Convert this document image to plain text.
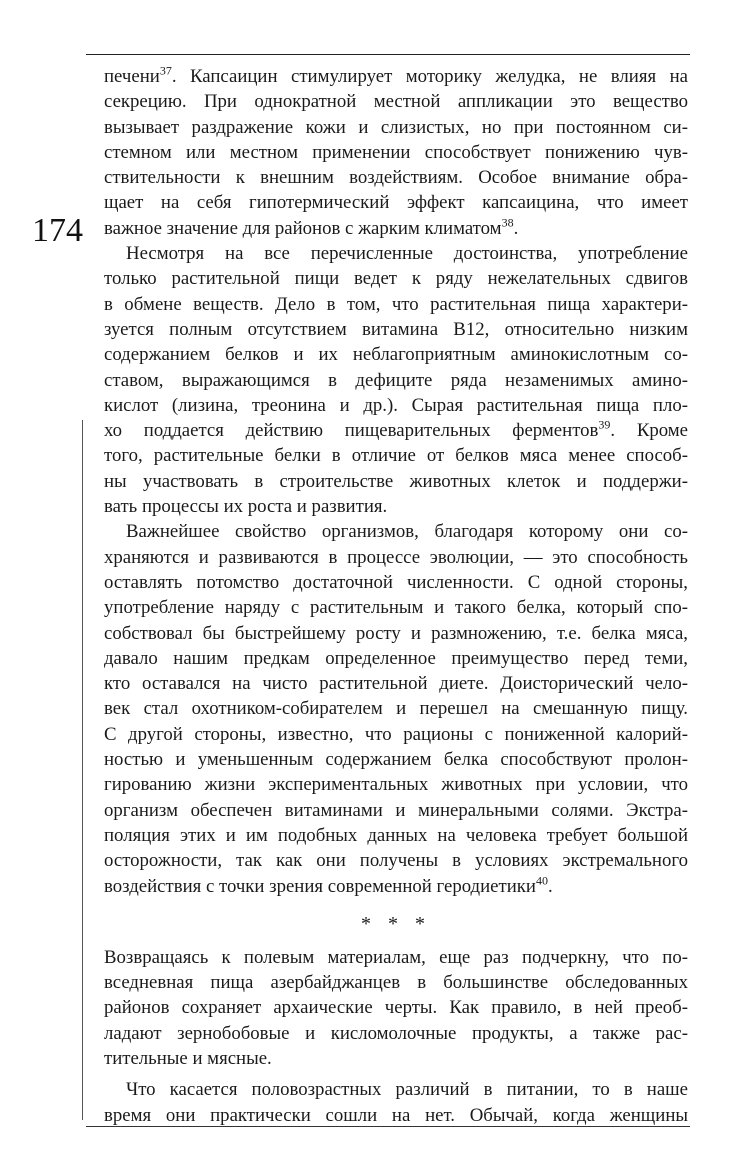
174
печени$^{37}$. Капсаицин стимулирует моторику желудка, не влияя на
секрецию. При однократной местной аппликации это вещество
вызывает раздражение кожи и слизистых, но при постоянном си-
стемном или местном применении способствует понижению чув-
ствительности к внешним воздействиям. Особое внимание обра-
щает на себя гипотермический эффект капсаицина, что имеет
важное значение для районов с жарким климатом$^{38}$.
Несмотря на все перечисленные достоинства, употребление
только растительной пищи ведет к ряду нежелательных сдвигов
в обмене веществ. Дело в том, что растительная пища характери-
зуется полным отсутствием витамина B12, относительно низким
содержанием белков и их неблагоприятным аминокислотным со-
ставом, выражающимся в дефиците ряда незаменимых амино-
кислот (лизина, треонина и др.). Сырая растительная пища пло-
хо поддается действию пищеварительных ферментов$^{39}$. Кроме
того, растительные белки в отличие от белков мяса менее способ-
ны участвовать в строительстве животных клеток и поддержи-
вать процессы их роста и развития.
Важнейшее свойство организмов, благодаря которому они со-
храняются и развиваются в процессе эволюции, — это способность
оставлять потомство достаточной численности. С одной стороны,
употребление наряду с растительным и такого белка, который спо-
собствовал бы быстрейшему росту и размножению, т.е. белка мяса,
давало нашим предкам определенное преимущество перед теми,
кто оставался на чисто растительной диете. Доисторический чело-
век стал охотником-собирателем и перешел на смешанную пищу.
С другой стороны, известно, что рационы с пониженной калорий-
ностью и уменьшенным содержанием белка способствуют пролон-
гированию жизни экспериментальных животных при условии, что
организм обеспечен витаминами и минеральными солями. Экстра-
поляция этих и им подобных данных на человека требует большой
осторожности, так как они получены в условиях экстремального
воздействия с точки зрения современной геродиетики$^{40}$.
* * *
Возвращаясь к полевым материалам, еще раз подчеркну, что по-
вседневная пища азербайджанцев в большинстве обследованных
районов сохраняет архаические черты. Как правило, в ней преоб-
ладают зернобобовые и кисломолочные продукты, а также рас-
тительные и мясные.
Что касается половозрастных различий в питании, то в наше
время они практически сошли на нет. Обычай, когда женщины
